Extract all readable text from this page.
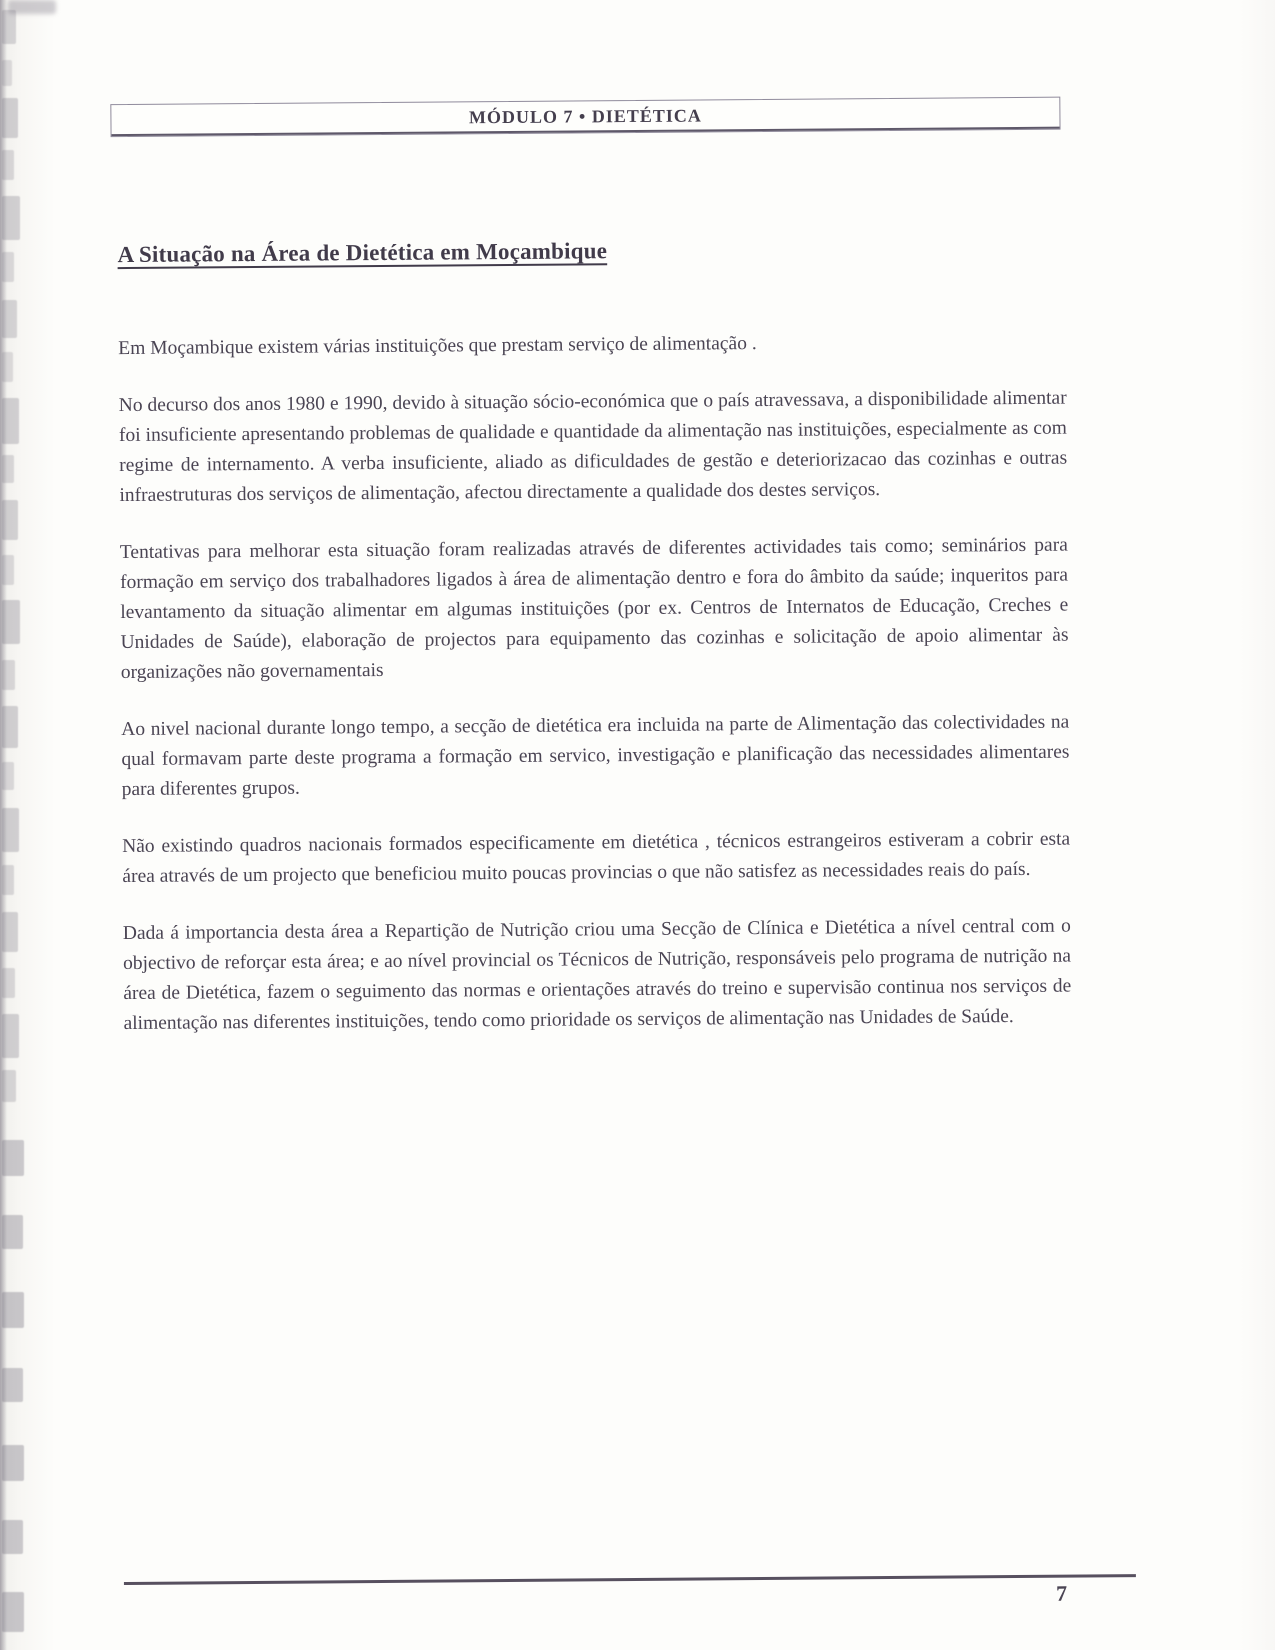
MÓDULO 7 • DIETÉTICA
A Situação na Área de Dietética em Moçambique

Em Moçambique existem várias instituições que prestam serviço de alimentação .

No decurso dos anos 1980 e 1990, devido à situação sócio-económica que o país atravessava, a disponibilidade alimentar foi insuficiente apresentando problemas de qualidade e quantidade da alimentação nas instituições, especialmente as com regime de internamento. A verba insuficiente, aliado as dificuldades de gestão e deteriorizacao das cozinhas e outras infraestruturas dos serviços de alimentação, afectou directamente a qualidade dos destes serviços.

Tentativas para melhorar esta situação foram realizadas através de diferentes actividades tais como; seminários para formação em serviço dos trabalhadores ligados à área de alimentação dentro e fora do âmbito da saúde; inqueritos para levantamento da situação alimentar em algumas instituições (por ex. Centros de Internatos de Educação, Creches e Unidades de Saúde), elaboração de projectos para equipamento das cozinhas e solicitação de apoio alimentar às organizações não governamentais

Ao nivel nacional durante longo tempo, a secção de dietética era incluida na parte de Alimentação das colectividades na qual formavam parte deste programa a formação em servico, investigação e planificação das necessidades alimentares para diferentes grupos.

Não existindo quadros nacionais formados especificamente em dietética , técnicos estrangeiros estiveram a cobrir esta área através de um projecto que beneficiou muito poucas provincias o que não satisfez as necessidades reais do país.

Dada á importancia desta área a Repartição de Nutrição criou uma Secção de Clínica e Dietética a nível central com o objectivo de reforçar esta área; e ao nível provincial os Técnicos de Nutrição, responsáveis pelo programa de nutrição na área de Dietética, fazem o seguimento das normas e orientações através do treino e supervisão continua nos serviços de alimentação nas diferentes instituições, tendo como prioridade os serviços de alimentação nas Unidades de Saúde.

7
